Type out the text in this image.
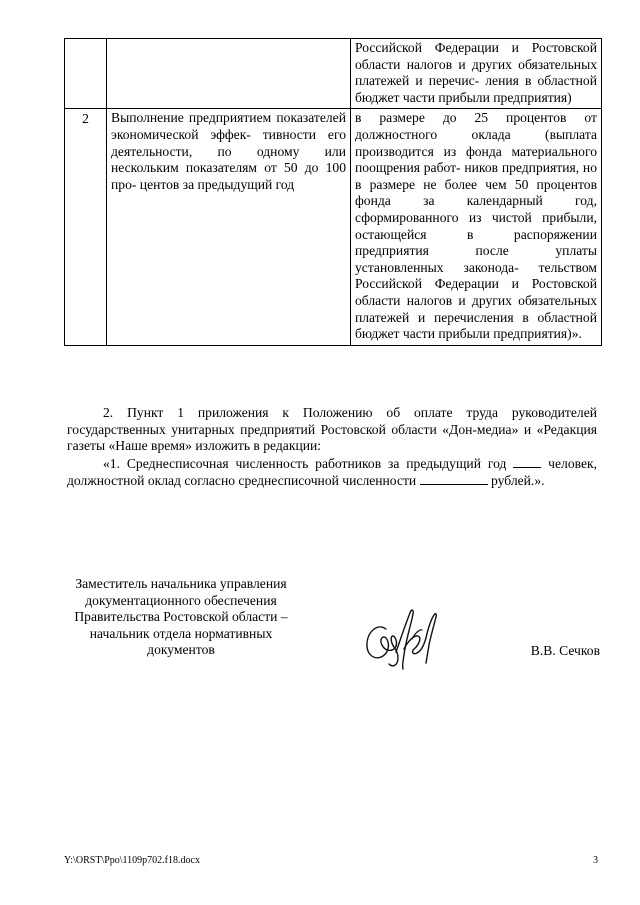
		Российской Федерации и Ростовской области налогов и других обязательных платежей и перечис- ления в областной бюджет части прибыли предприятия)
2	Выполнение предприятием показателей экономической эффек- тивности его деятельности, по одному или нескольким показателям от 50 до 100 про- центов за предыдущий год	в размере до 25 процентов от должностного оклада (выплата производится из фонда материального поощрения работ- ников предприятия, но в размере не более чем 50 процентов фонда за календарный год, сформированного из чистой прибыли, остающейся в распоряжении предприятия после уплаты установленных законода- тельством Российской Федерации и Ростовской области налогов и других обязательных платежей и перечисления в областной бюджет части прибыли предприятия)».

2. Пункт 1 приложения к Положению об оплате труда руководителей государственных унитарных предприятий Ростовской области «Дон-медиа» и «Редакция газеты «Наше время» изложить в редакции:

«1. Среднесписочная численность работников за предыдущий год	человек, должностной оклад согласно среднесписочной численности	рублей.».

Заместитель начальника управления документационного обеспечения Правительства Ростовской области – начальник отдела нормативных документов	В.В. Сечков
Y:\ORST\Ppo\1109p702.f18.docx	3
